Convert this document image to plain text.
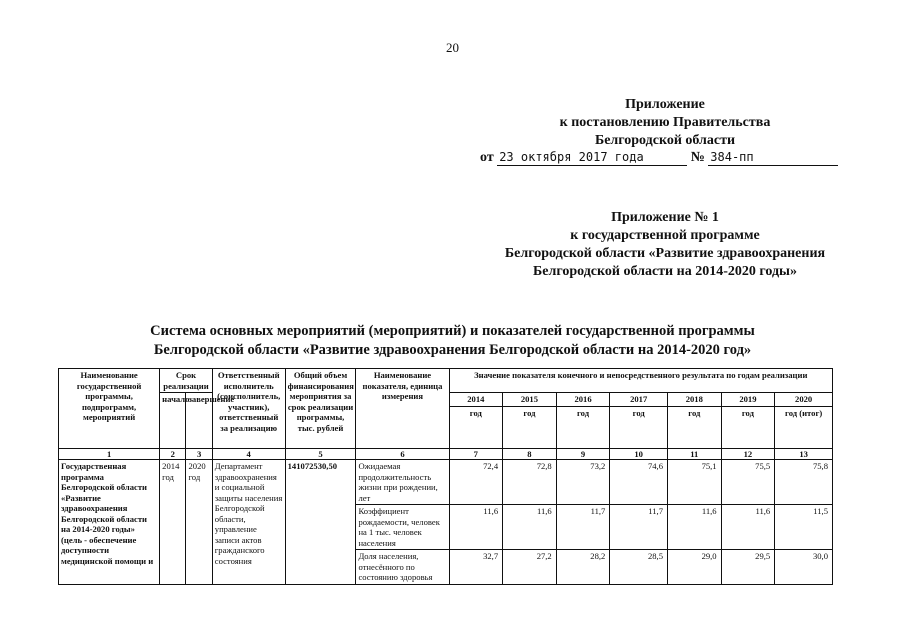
20
Приложение
к постановлению Правительства
Белгородской области
от 23 октября 2017 года	№ 384-пп
Приложение № 1
к государственной программе
Белгородской области «Развитие здравоохранения
Белгородской области на 2014-2020 годы»
Система основных мероприятий (мероприятий) и показателей государственной программы
Белгородской области «Развитие здравоохранения Белгородской области на 2014-2020 год»
Наименование государственной программы, подпрограмм, мероприятий	Срок реализации		Ответственный исполнитель (соисполнитель, участник), ответственный за реализацию	Общий объем финансирования мероприятия за срок реализации программы, тыс. рублей	Наименование показателя, единица измерения	Значение показателя конечного и непосредственного результата по годам реализации						
	начало	завершение				2014	2015	2016	2017	2018	2019	2020
						год	год	год	год	год	год	год (итог)
1	2	3	4	5	6	7	8	9	10	11	12	13
Государственная программа Белгородской области «Развитие здравоохранения Белгородской области на 2014-2020 годы» (цель - обеспечение доступности медицинской помощи и	2014 год	2020 год	Департамент здравоохранения и социальной защиты населения Белгородской области, управление записи актов гражданского состояния	141072530,50	Ожидаемая продолжительность жизни при рождении, лет	72,4	72,8	73,2	74,6	75,1	75,5	75,8
					Коэффициент рождаемости, человек на 1 тыс. человек населения	11,6	11,6	11,7	11,7	11,6	11,6	11,5
					Доля населения, отнесённого по состоянию здоровья	32,7	27,2	28,2	28,5	29,0	29,5	30,0
